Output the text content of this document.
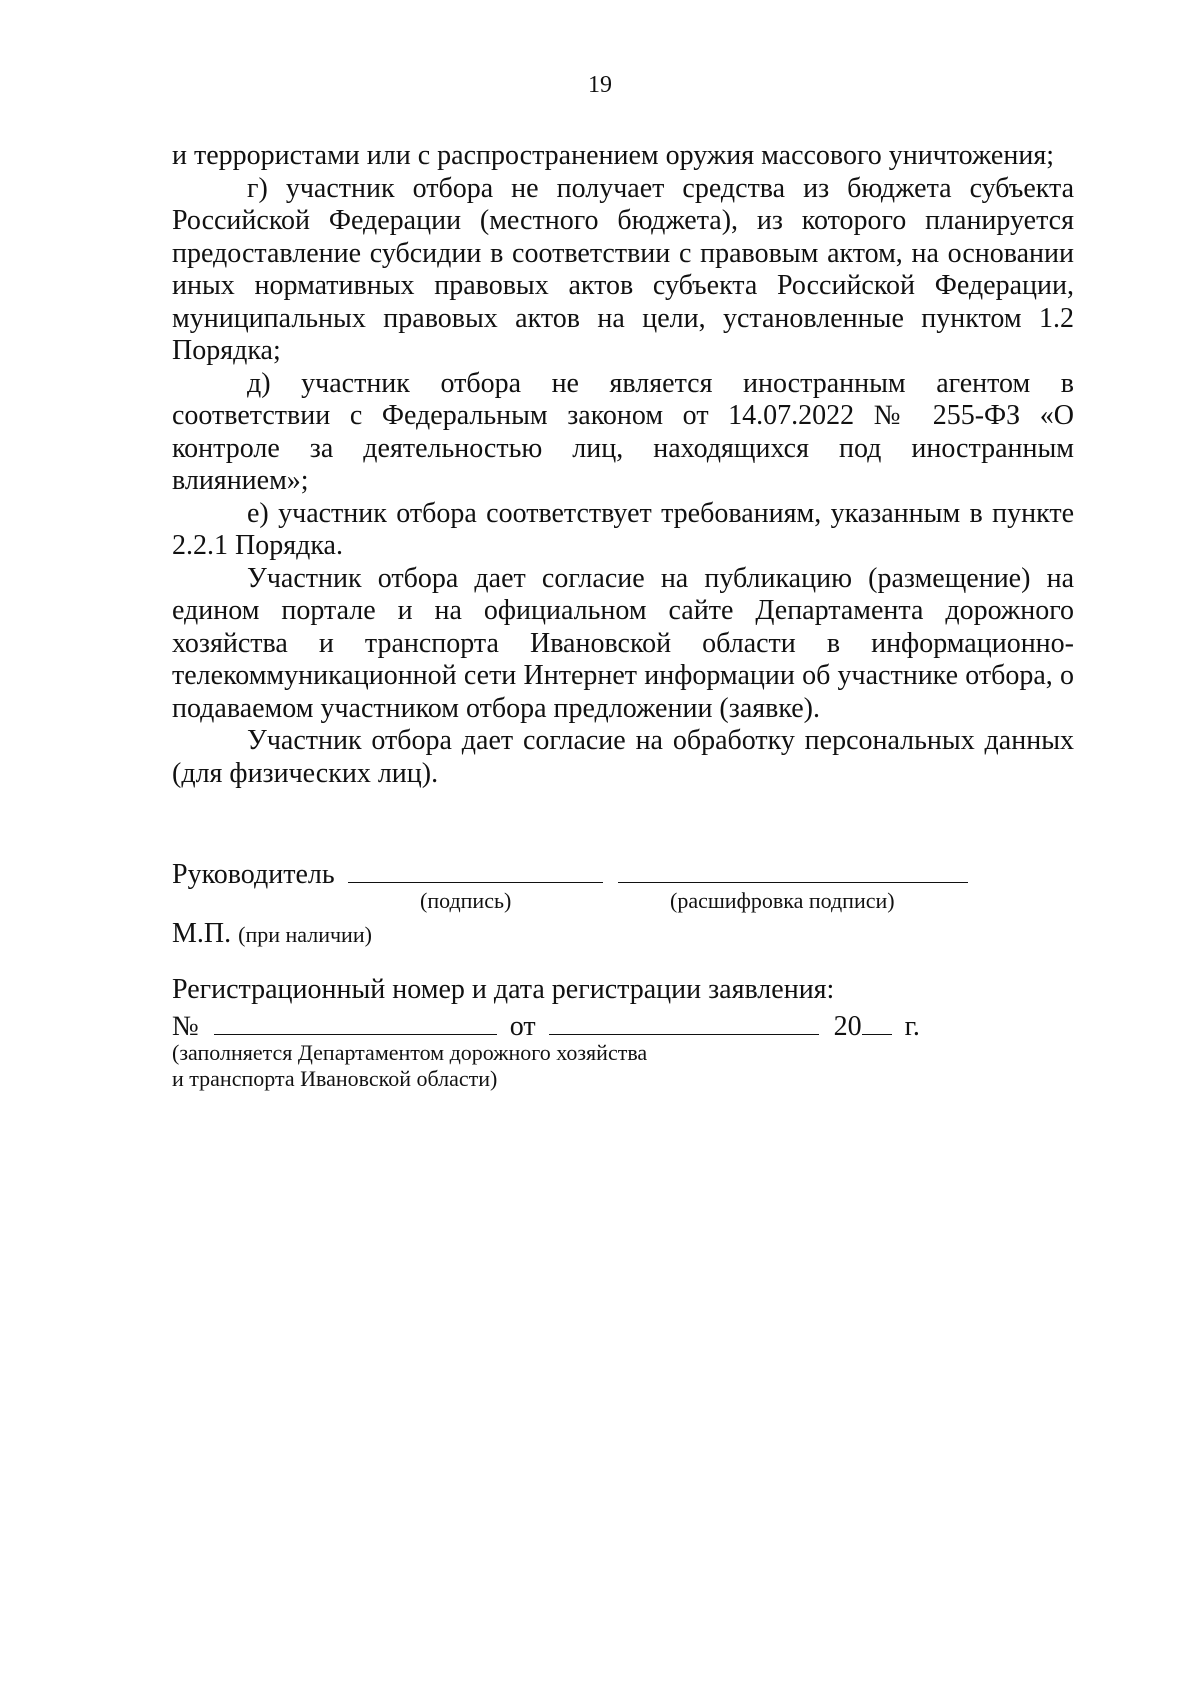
19

и террористами или с распространением оружия массового уничтожения;

г) участник отбора не получает средства из бюджета субъекта Российской Федерации (местного бюджета), из которого планируется предоставление субсидии в соответствии с правовым актом, на основании иных нормативных правовых актов субъекта Российской Федерации, муниципальных правовых актов на цели, установленные пунктом 1.2 Порядка;

д) участник отбора не является иностранным агентом в соответствии с Федеральным законом от 14.07.2022 № 255-ФЗ «О контроле за деятельностью лиц, находящихся под иностранным влиянием»;

е) участник отбора соответствует требованиям, указанным в пункте 2.2.1 Порядка.

Участник отбора дает согласие на публикацию (размещение) на едином портале и на официальном сайте Департамента дорожного хозяйства и транспорта Ивановской области в информационно-телекоммуникационной сети Интернет информации об участнике отбора, о подаваемом участником отбора предложении (заявке).

Участник отбора дает согласие на обработку персональных данных (для физических лиц).

Руководитель
(подпись)	(расшифровка подписи)
М.П. (при наличии)
Регистрационный номер и дата регистрации заявления:
№	от	20 г.
(заполняется Департаментом дорожного хозяйства
и транспорта Ивановской области)
